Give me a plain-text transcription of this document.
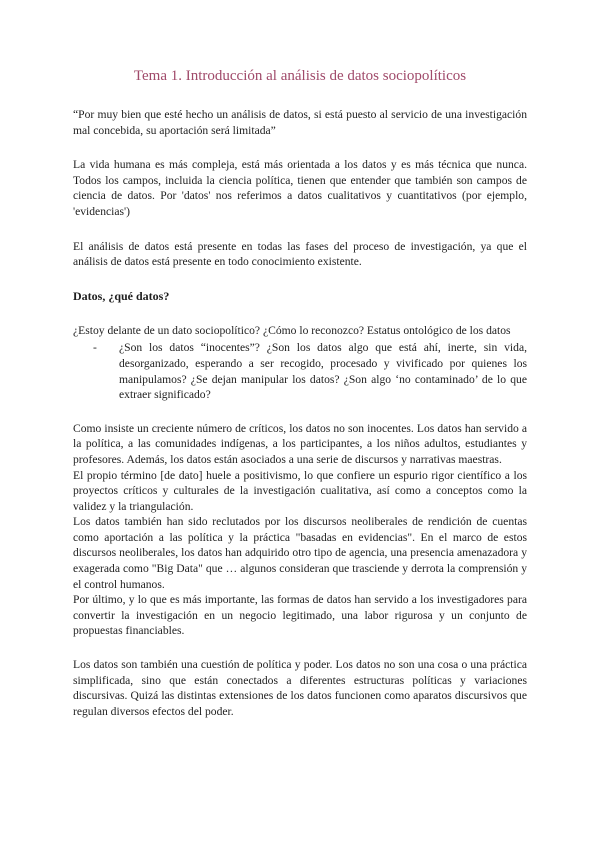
Tema 1. Introducción al análisis de datos sociopolíticos

“Por muy bien que esté hecho un análisis de datos, si está puesto al servicio de una investigación mal concebida, su aportación será limitada”

La vida humana es más compleja, está más orientada a los datos y es más técnica que nunca. Todos los campos, incluida la ciencia política, tienen que entender que también son campos de ciencia de datos. Por 'datos' nos referimos a datos cualitativos y cuantitativos (por ejemplo, 'evidencias')

El análisis de datos está presente en todas las fases del proceso de investigación, ya que el análisis de datos está presente en todo conocimiento existente.

Datos, ¿qué datos?

¿Estoy delante de un dato sociopolítico? ¿Cómo lo reconozco? Estatus ontológico de los datos

- ¿Son los datos “inocentes”? ¿Son los datos algo que está ahí, inerte, sin vida, desorganizado, esperando a ser recogido, procesado y vivificado por quienes los manipulamos? ¿Se dejan manipular los datos? ¿Son algo ‘no contaminado’ de lo que extraer significado?

Como insiste un creciente número de críticos, los datos no son inocentes. Los datos han servido a la política, a las comunidades indígenas, a los participantes, a los niños adultos, estudiantes y profesores. Además, los datos están asociados a una serie de discursos y narrativas maestras.

El propio término [de dato] huele a positivismo, lo que confiere un espurio rigor científico a los proyectos críticos y culturales de la investigación cualitativa, así como a conceptos como la validez y la triangulación.

Los datos también han sido reclutados por los discursos neoliberales de rendición de cuentas como aportación a las política y la práctica "basadas en evidencias". En el marco de estos discursos neoliberales, los datos han adquirido otro tipo de agencia, una presencia amenazadora y exagerada como "Big Data" que … algunos consideran que trasciende y derrota la comprensión y el control humanos.

Por último, y lo que es más importante, las formas de datos han servido a los investigadores para convertir la investigación en un negocio legitimado, una labor rigurosa y un conjunto de propuestas financiables.

Los datos son también una cuestión de política y poder. Los datos no son una cosa o una práctica simplificada, sino que están conectados a diferentes estructuras políticas y variaciones discursivas. Quizá las distintas extensiones de los datos funcionen como aparatos discursivos que regulan diversos efectos del poder.
